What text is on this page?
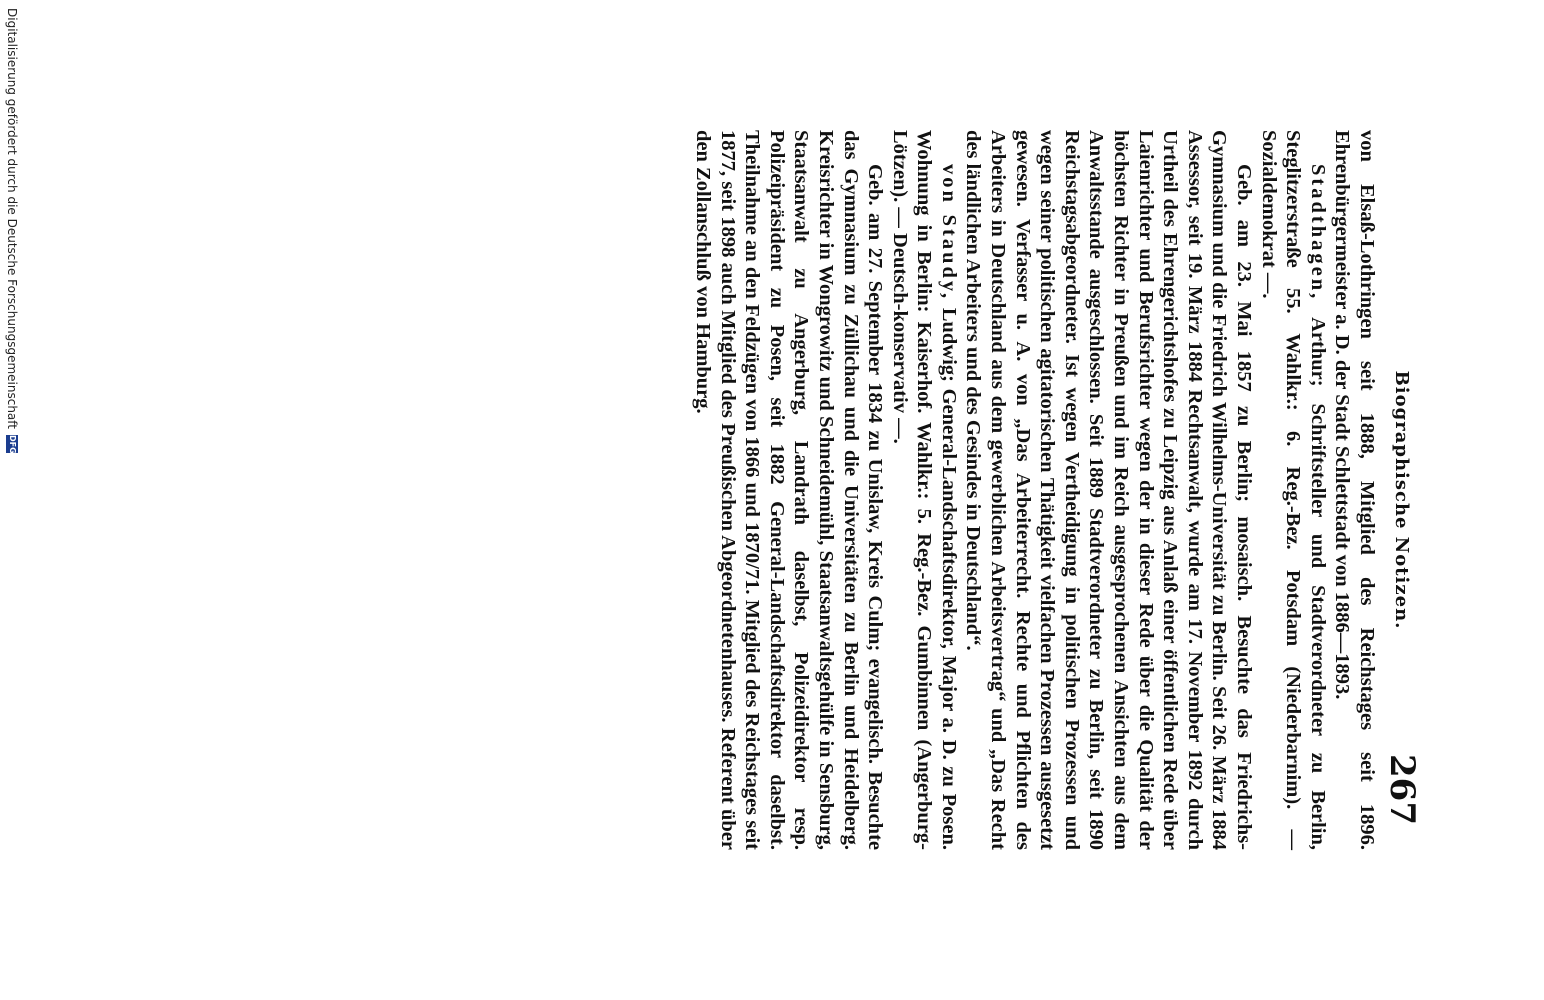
Biographische Notizen.
267

von Elsaß-Lothringen seit 1888, Mitglied des Reichstages seit 1896. Ehrenbürgermeister a. D. der Stadt Schlettstadt von 1886—1893.

Stadthagen, Arthur; Schriftsteller und Stadtverordneter zu Berlin, Steglitzerstraße 55. Wahlkr.: 6. Reg.-Bez. Potsdam (Niederbarnim). — Sozialdemokrat —.

Geb. am 23. Mai 1857 zu Berlin; mosaisch. Besuchte das Friedrichs-Gymnasium und die Friedrich Wilhelms-Universität zu Berlin. Seit 26. März 1884 Assessor, seit 19. März 1884 Rechtsanwalt, wurde am 17. November 1892 durch Urtheil des Ehrengerichtshofes zu Leipzig aus Anlaß einer öffentlichen Rede über Laienrichter und Berufsrichter wegen der in dieser Rede über die Qualität der höchsten Richter in Preußen und im Reich ausgesprochenen Ansichten aus dem Anwaltsstande ausgeschlossen. Seit 1889 Stadtverordneter zu Berlin, seit 1890 Reichstagsabgeordneter. Ist wegen Vertheidigung in politischen Prozessen und wegen seiner politischen agitatorischen Thätigkeit vielfachen Prozessen ausgesetzt gewesen. Verfasser u. A. von „Das Arbeiterrecht. Rechte und Pflichten des Arbeiters in Deutschland aus dem gewerblichen Arbeitsvertrag“ und „Das Recht des ländlichen Arbeiters und des Gesindes in Deutschland“.

von Staudy, Ludwig; General-Landschaftsdirektor, Major a. D. zu Posen. Wohnung in Berlin: Kaiserhof. Wahlkr.: 5. Reg.-Bez. Gumbinnen (Angerburg-Lötzen). — Deutsch-konservativ —.

Geb. am 27. September 1834 zu Unislaw, Kreis Culm; evangelisch. Besuchte das Gymnasium zu Züllichau und die Universitäten zu Berlin und Heidelberg. Kreisrichter in Wongrowitz und Schneidemühl, Staatsanwaltsgehülfe in Sensburg, Staatsanwalt zu Angerburg, Landrath daselbst, Polizeidirektor resp. Polizeipräsident zu Posen, seit 1882 General-Landschaftsdirektor daselbst. Theilnahme an den Feldzügen von 1866 und 1870/71. Mitglied des Reichstages seit 1877, seit 1898 auch Mitglied des Preußischen Abgeordnetenhauses. Referent über den Zollanschluß von Hamburg.

Digitalisierung gefördert durch die Deutsche Forschungsgemeinschaft
DFG
